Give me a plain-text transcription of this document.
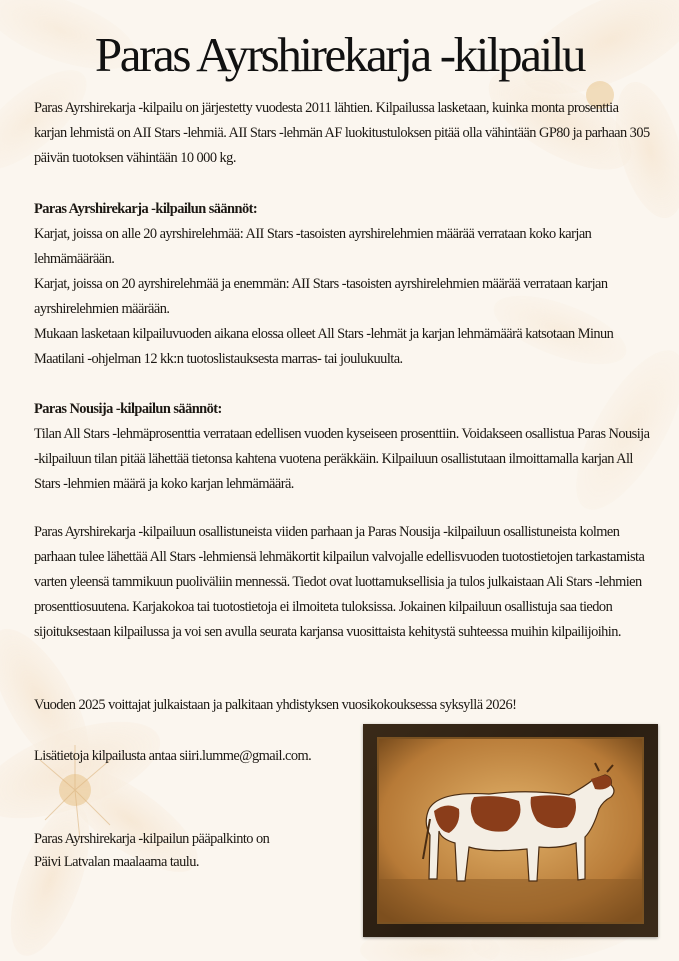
Paras Ayrshirekarja -kilpailu

Paras Ayrshirekarja -kilpailu on järjestetty vuodesta 2011 lähtien. Kilpailussa lasketaan, kuinka monta prosenttia karjan lehmistä on AII Stars -lehmiä. AII Stars -lehmän AF luokitustuloksen pitää olla vähintään GP80 ja parhaan 305 päivän tuotoksen vähintään 10 000 kg.

Paras Ayrshirekarja -kilpailun säännöt:

Karjat, joissa on alle 20 ayrshirelehmää: AII Stars -tasoisten ayrshirelehmien määrää verrataan koko karjan lehmämäärään.

Karjat, joissa on 20 ayrshirelehmää ja enemmän: AII Stars -tasoisten ayrshirelehmien määrää verrataan karjan ayrshirelehmien määrään.

Mukaan lasketaan kilpailuvuoden aikana elossa olleet All Stars -lehmät ja karjan lehmämäärä katsotaan Minun Maatilani -ohjelman 12 kk:n tuotoslistauksesta marras- tai joulukuulta.

Paras Nousija -kilpailun säännöt:

Tilan All Stars -lehmäprosenttia verrataan edellisen vuoden kyseiseen prosenttiin. Voidakseen osallistua Paras Nousija -kilpailuun tilan pitää lähettää tietonsa kahtena vuotena peräkkäin. Kilpailuun osallistutaan ilmoittamalla karjan All Stars -lehmien määrä ja koko karjan lehmämäärä.

Paras Ayrshirekarja -kilpailuun osallistuneista viiden parhaan ja Paras Nousija -kilpailuun osallistuneista kolmen parhaan tulee lähettää All Stars -lehmiensä lehmäkortit kilpailun valvojalle edellisvuoden tuotostietojen tarkastamista varten yleensä tammikuun puoliväliin mennessä. Tiedot ovat luottamuksellisia ja tulos julkaistaan Ali Stars -lehmien prosenttiosuutena. Karjakokoa tai tuotostietoja ei ilmoiteta tuloksissa. Jokainen kilpailuun osallistuja saa tiedon sijoituksestaan kilpailussa ja voi sen avulla seurata karjansa vuosittaista kehitystä suhteessa muihin kilpailijoihin.

Vuoden 2025 voittajat julkaistaan ja palkitaan yhdistyksen vuosikokouksessa syksyllä 2026!

Lisätietoja kilpailusta antaa siiri.lumme@gmail.com.

Paras Ayrshirekarja -kilpailun pääpalkinto on
Päivi Latvalan maalaama taulu.
